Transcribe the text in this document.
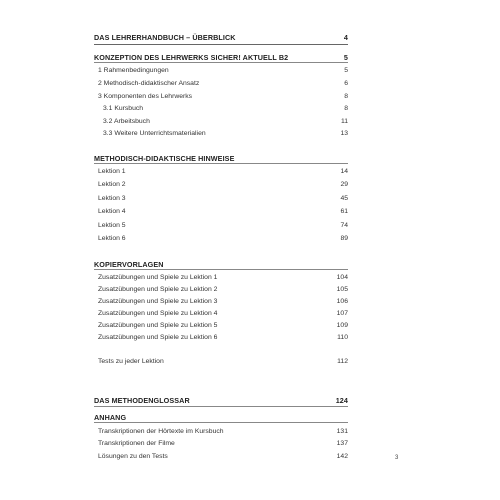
DAS LEHRERHANDBUCH – ÜBERBLICK	4
KONZEPTION DES LEHRWERKS SICHER! AKTUELL B2	5
1 Rahmenbedingungen	5
2 Methodisch-didaktischer Ansatz	6
3 Komponenten des Lehrwerks	8
3.1 Kursbuch	8
3.2 Arbeitsbuch	11
3.3 Weitere Unterrichtsmaterialien	13
METHODISCH-DIDAKTISCHE HINWEISE
Lektion 1	14
Lektion 2	29
Lektion 3	45
Lektion 4	61
Lektion 5	74
Lektion 6	89
KOPIERVORLAGEN
Zusatzübungen und Spiele zu Lektion 1	104
Zusatzübungen und Spiele zu Lektion 2	105
Zusatzübungen und Spiele zu Lektion 3	106
Zusatzübungen und Spiele zu Lektion 4	107
Zusatzübungen und Spiele zu Lektion 5	109
Zusatzübungen und Spiele zu Lektion 6	110
Tests zu jeder Lektion	112
DAS METHODENGLOSSAR	124
ANHANG
Transkriptionen der Hörtexte im Kursbuch	131
Transkriptionen der Filme	137
Lösungen zu den Tests	142	3
